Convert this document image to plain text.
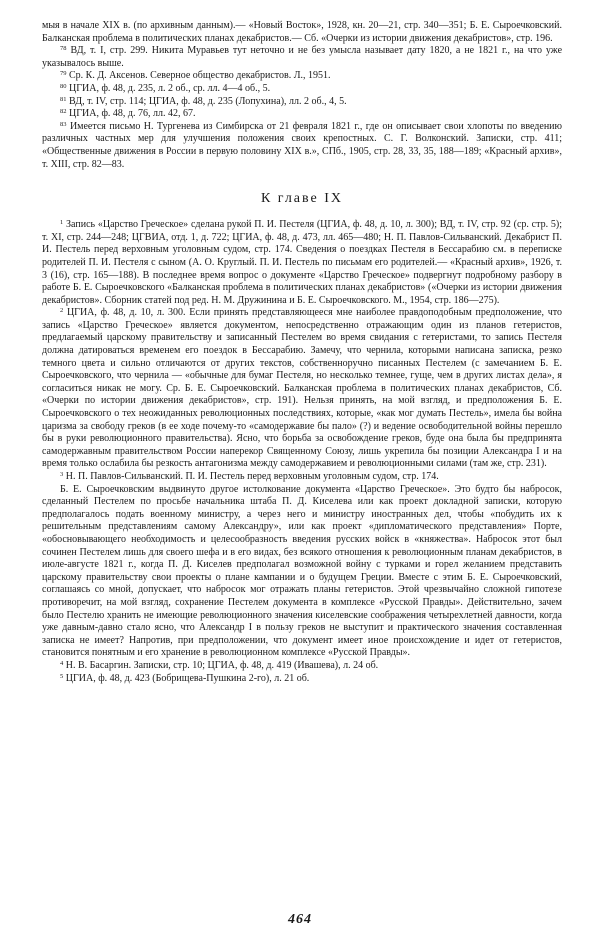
мыя в начале XIX в. (по архивным данным).— «Новый Восток», 1928, кн. 20—21, стр. 340—351; Б. Е. Сыроечковский. Балканская проблема в политических планах декабристов.— Сб. «Очерки из истории движения декабристов», стр. 196.

$^{78}$ ВД, т. I, стр. 299. Никита Муравьев тут неточно и не без умысла называет дату 1820, а не 1821 г., на что уже указывалось выше.

$^{79}$ Ср. К. Д. Аксенов. Северное общество декабристов. Л., 1951.

$^{80}$ ЦГИА, ф. 48, д. 235, л. 2 об., ср. лл. 4—4 об., 5.

$^{81}$ ВД, т. IV, стр. 114; ЦГИА, ф. 48, д. 235 (Лопухина), лл. 2 об., 4, 5.

$^{82}$ ЦГИА, ф. 48, д. 76, лл. 42, 67.

$^{83}$ Имеется письмо Н. Тургенева из Симбирска от 21 февраля 1821 г., где он описывает свои хлопоты по введению различных частных мер для улучшения положения своих крепостных. С. Г. Волконский. Записки, стр. 411; «Общественные движения в России в первую половину XIX в.», СПб., 1905, стр. 28, 33, 35, 188—189; «Красный архив», т. XIII, стр. 82—83.

К главе IX

$^1$ Запись «Царство Греческое» сделана рукой П. И. Пестеля (ЦГИА, ф. 48, д. 10, л. 300); ВД, т. IV, стр. 92 (ср. стр. 5); т. XI, стр. 244—248; ЦГВИА, отд. 1, д. 722; ЦГИА, ф. 48, д. 473, лл. 465—480; Н. П. Павлов-Сильванский. Декабрист П. И. Пестель перед верховным уголовным судом, стр. 174. Сведения о поездках Пестеля в Бессарабию см. в переписке родителей П. И. Пестеля с сыном (А. О. Круглый. П. И. Пестель по письмам его родителей.— «Красный архив», 1926, т. 3 (16), стр. 165—188). В последнее время вопрос о документе «Царство Греческое» подвергнут подробному разбору в работе Б. Е. Сыроечковского «Балканская проблема в политических планах декабристов» («Очерки из истории движения декабристов». Сборник статей под ред. Н. М. Дружинина и Б. Е. Сыроечковского. М., 1954, стр. 186—275).

$^2$ ЦГИА, ф. 48, д. 10, л. 300. Если принять представляющееся мне наиболее правдоподобным предположение, что запись «Царство Греческое» является документом, непосредственно отражающим один из планов гетеристов, предлагаемый царскому правительству и записанный Пестелем во время свидания с гетеристами, то запись Пестеля должна датироваться временем его поездок в Бессарабию. Замечу, что чернила, которыми написана записка, резко темного цвета и сильно отличаются от других текстов, собственноручно писанных Пестелем (с замечанием Б. Е. Сыроечковского, что чернила — «обычные для бумаг Пестеля, но несколько темнее, гуще, чем в других листах дела», я согласиться никак не могу. Ср. Б. Е. Сыроечковский. Балканская проблема в политических планах декабристов, Сб. «Очерки по истории движения декабристов», стр. 191). Нельзя принять, на мой взгляд, и предположения Б. Е. Сыроечковского о тех неожиданных революционных последствиях, которые, «как мог думать Пестель», имела бы война царизма за свободу греков (в ее ходе почему-то «самодержавие бы пало» (?) и ведение освободительной войны перешло бы в руки революционного правительства). Ясно, что борьба за освобождение греков, буде она была бы предпринята самодержавным правительством России наперекор Священному Союзу, лишь укрепила бы позиции Александра I и на время только ослабила бы резкость антагонизма между самодержавием и революционными силами (там же, стр. 231).

$^3$ Н. П. Павлов-Сильванский. П. И. Пестель перед верховным уголовным судом, стр. 174.

Б. Е. Сыроечковским выдвинуто другое истолкование документа «Царство Греческое». Это будто бы набросок, сделанный Пестелем по просьбе начальника штаба П. Д. Киселева или как проект докладной записки, которую предполагалось подать военному министру, а через него и министру иностранных дел, чтобы «побудить их к решительным представлениям самому Александру», или как проект «дипломатического представления» Порте, «обосновывающего необходимость и целесообразность введения русских войск в «княжества». Набросок этот был сочинен Пестелем лишь для своего шефа и в его видах, без всякого отношения к революционным планам декабристов, в июле-августе 1821 г., когда П. Д. Киселев предполагал возможной войну с турками и горел желанием представить царскому правительству свои проекты о плане кампании и о будущем Греции. Вместе с этим Б. Е. Сыроечковский, соглашаясь со мной, допускает, что набросок мог отражать планы гетеристов. Этой чрезвычайно сложной гипотезе противоречит, на мой взгляд, сохранение Пестелем документа в комплексе «Русской Правды». Действительно, зачем было Пестелю хранить не имеющие революционного значения киселевские соображения четырехлетней давности, когда уже давным-давно стало ясно, что Александр I в пользу греков не выступит и практического значения составленная записка не имеет? Напротив, при предположении, что документ имеет иное происхождение и идет от гетеристов, становится понятным и его хранение в революционном комплексе «Русской Правды».

$^4$ Н. В. Басаргин. Записки, стр. 10; ЦГИА, ф. 48, д. 419 (Ивашева), л. 24 об.

$^5$ ЦГИА, ф. 48, д. 423 (Бобрищева-Пушкина 2-го), л. 21 об.

464
